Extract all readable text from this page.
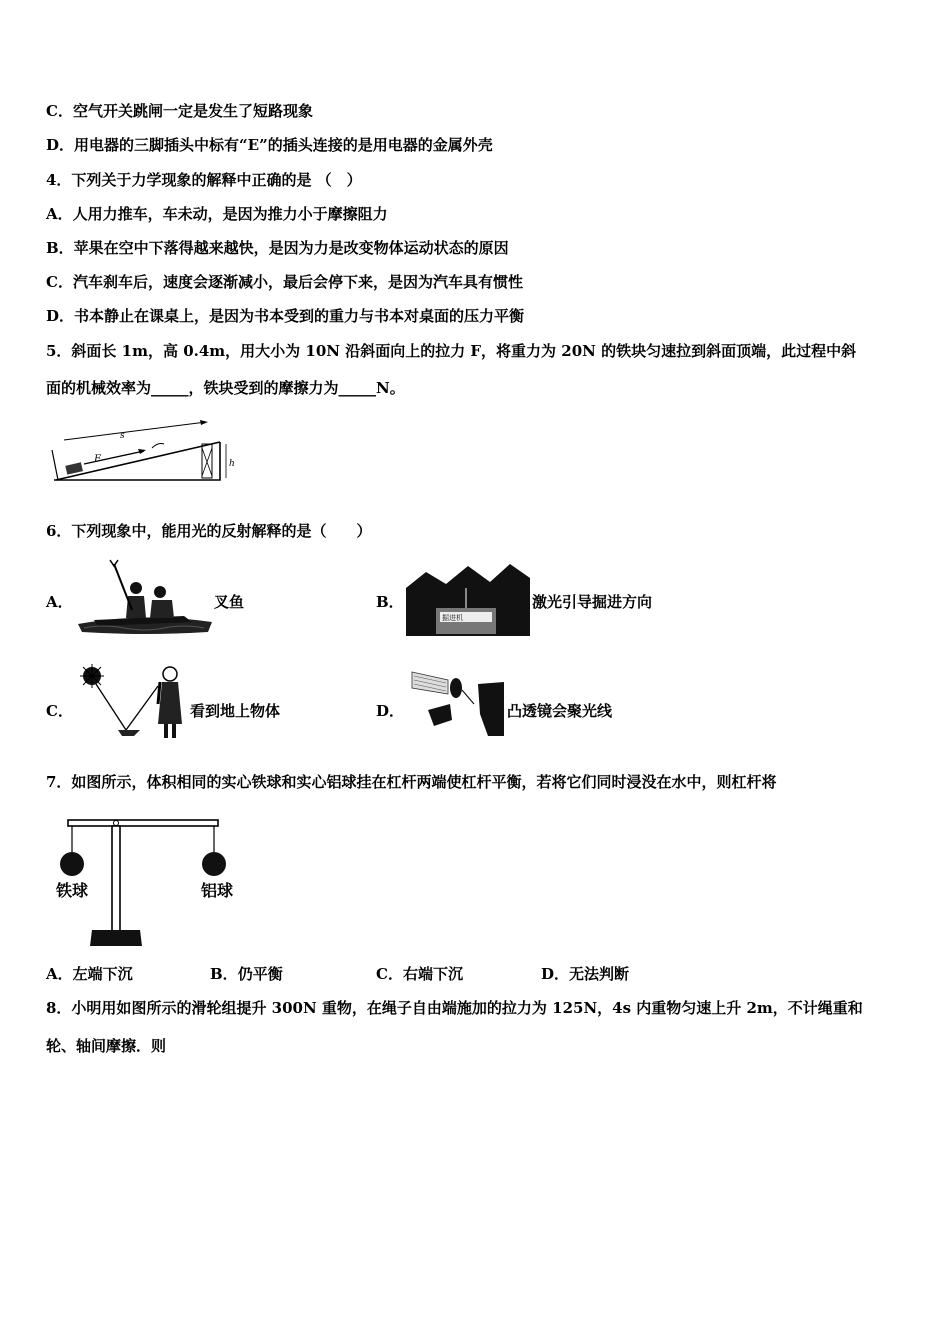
C．空气开关跳闸一定是发生了短路现象
D．用电器的三脚插头中标有“E”的插头连接的是用电器的金属外壳
4．下列关于力学现象的解释中正确的是 （　）
A．人用力推车，车未动，是因为推力小于摩擦阻力
B．苹果在空中下落得越来越快，是因为力是改变物体运动状态的原因
C．汽车刹车后，速度会逐渐减小，最后会停下来，是因为汽车具有惯性
D．书本静止在课桌上，是因为书本受到的重力与书本对桌面的压力平衡
5．斜面长 1m，高 0.4m，用大小为 10N 沿斜面向上的拉力 F，将重力为 20N 的铁块匀速拉到斜面顶端，此过程中斜
面的机械效率为_____，铁块受到的摩擦力为_____N。
s
F	h
6．下列现象中，能用光的反射解释的是（　　）
A．	叉鱼	B．
掘进机
激光引导掘进方向
C．	看到地上物体	D．	凸透镜会聚光线
7．如图所示，体积相同的实心铁球和实心铝球挂在杠杆两端使杠杆平衡，若将它们同时浸没在水中，则杠杆将
铁球	铝球
A．左端下沉	B．仍平衡	C．右端下沉	D．无法判断
8．小明用如图所示的滑轮组提升 300N 重物，在绳子自由端施加的拉力为 125N，4s 内重物匀速上升 2m，不计绳重和
轮、轴间摩擦．则
